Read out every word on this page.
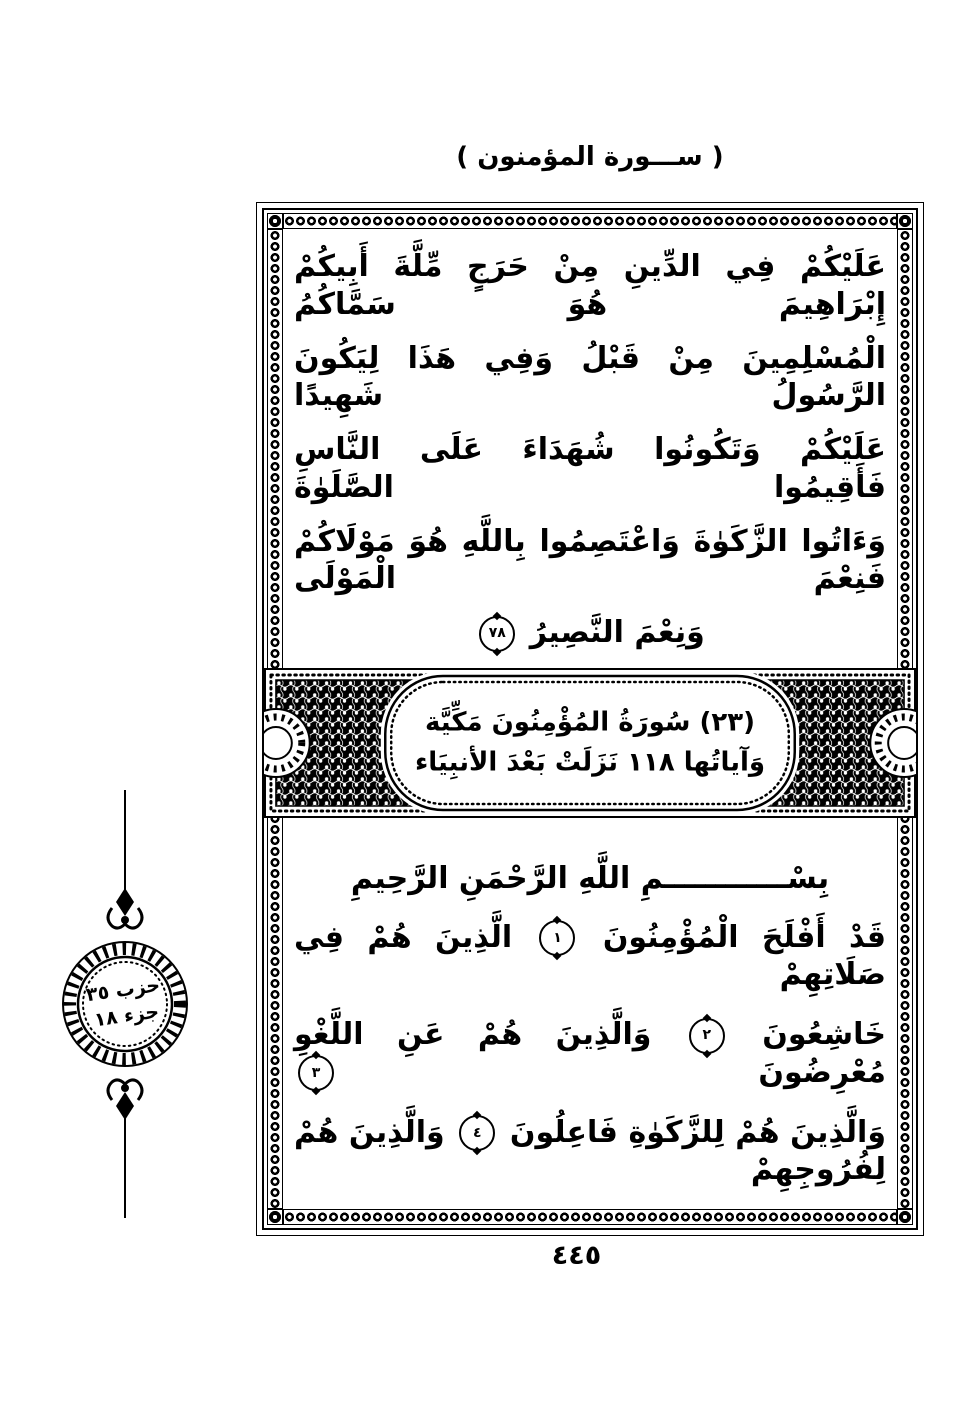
( ســـورة المؤمنون )
عَلَيْكُمْ فِي الدِّينِ مِنْ حَرَجٍ مِّلَّةَ أَبِيكُمْ إِبْرَاهِيمَ هُوَ سَمَّاكُمُ
الْمُسْلِمِينَ مِنْ قَبْلُ وَفِي هَذَا لِيَكُونَ الرَّسُولُ شَهِيدًا
عَلَيْكُمْ وَتَكُونُوا شُهَدَاءَ عَلَى النَّاسِ فَأَقِيمُوا الصَّلَوٰةَ
وَءَاتُوا الزَّكَوٰةَ وَاعْتَصِمُوا بِاللَّهِ هُوَ مَوْلَاكُمْ فَنِعْمَ الْمَوْلَى
وَنِعْمَ النَّصِيرُ ٧٨
(٢٣) سُورَةُ المُؤْمِنُونَ مَكِّيَّة
وَآياتُها ١١٨ نَزَلَتْ بَعْدَ الأنبِيَاء
بِسْــــــــــــمِ اللَّهِ الرَّحْمَنِ الرَّحِيمِ
قَدْ أَفْلَحَ الْمُؤْمِنُونَ ١ الَّذِينَ هُمْ فِي صَلَاتِهِمْ
خَاشِعُونَ ٢ وَالَّذِينَ هُمْ عَنِ اللَّغْوِ مُعْرِضُونَ ٣
وَالَّذِينَ هُمْ لِلزَّكَوٰةِ فَاعِلُونَ ٤ وَالَّذِينَ هُمْ لِفُرُوجِهِمْ
حزب ٣٥
جزء ١٨
٤٤٥
